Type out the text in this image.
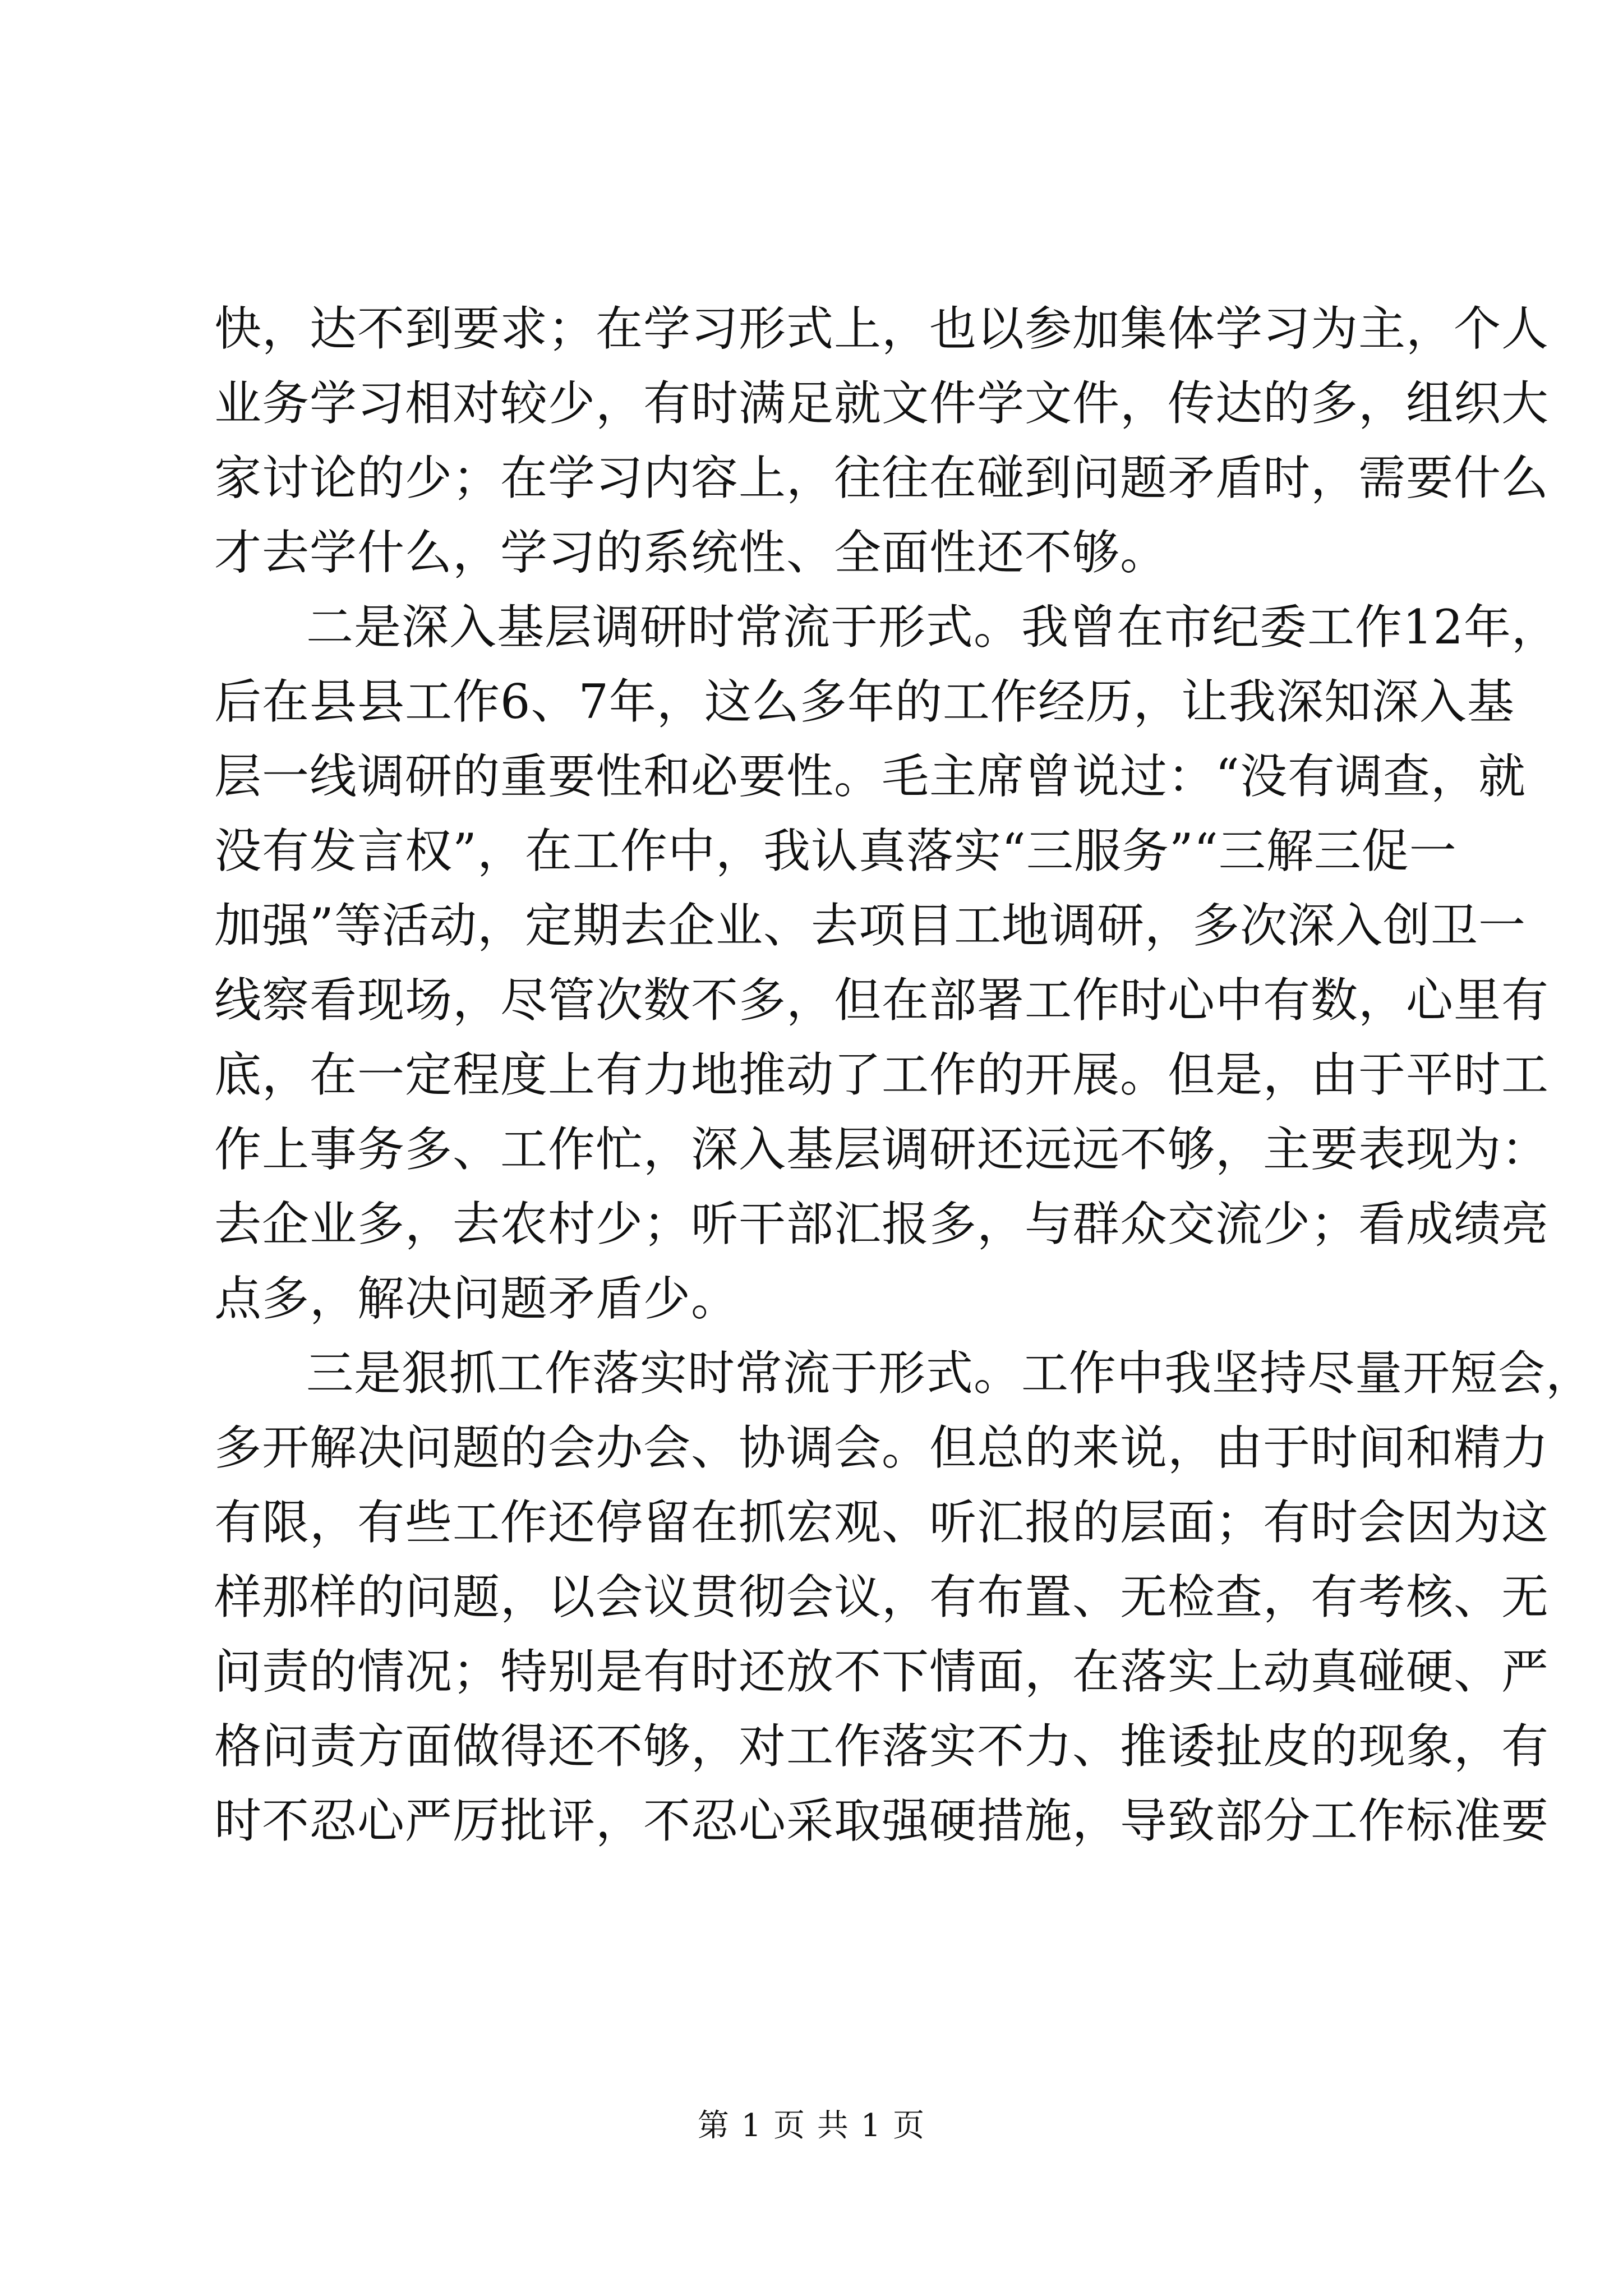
快，达不到要求；在学习形式上，也以参加集体学习为主，个人
业务学习相对较少，有时满足就文件学文件，传达的多，组织大
家讨论的少；在学习内容上，往往在碰到问题矛盾时，需要什么
才去学什么，学习的系统性、全面性还不够。
二是深入基层调研时常流于形式。我曾在市纪委工作12年，
后在县县工作6、7年，这么多年的工作经历，让我深知深入基
层一线调研的重要性和必要性。毛主席曾说过：“没有调查，就
没有发言权”，在工作中，我认真落实“三服务”“三解三促一
加强”等活动，定期去企业、去项目工地调研，多次深入创卫一
线察看现场，尽管次数不多，但在部署工作时心中有数，心里有
底，在一定程度上有力地推动了工作的开展。但是，由于平时工
作上事务多、工作忙，深入基层调研还远远不够，主要表现为：
去企业多，去农村少；听干部汇报多，与群众交流少；看成绩亮
点多，解决问题矛盾少。
三是狠抓工作落实时常流于形式。工作中我坚持尽量开短会，
多开解决问题的会办会、协调会。但总的来说，由于时间和精力
有限，有些工作还停留在抓宏观、听汇报的层面；有时会因为这
样那样的问题，以会议贯彻会议，有布置、无检查，有考核、无
问责的情况；特别是有时还放不下情面，在落实上动真碰硬、严
格问责方面做得还不够，对工作落实不力、推诿扯皮的现象，有
时不忍心严厉批评，不忍心采取强硬措施，导致部分工作标准要
第 1 页 共 1 页
